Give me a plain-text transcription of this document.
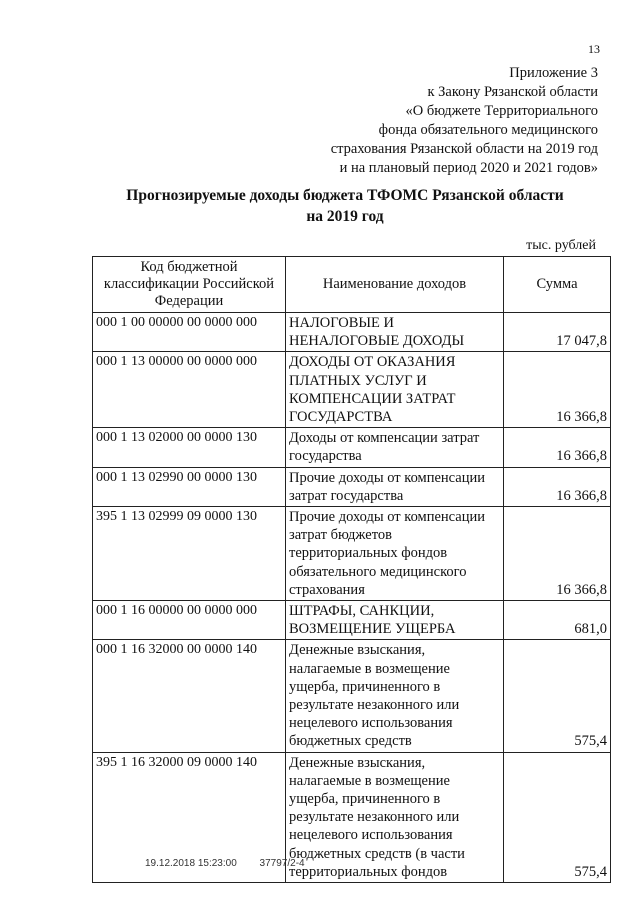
13
Приложение 3
к Закону Рязанской области
«О бюджете Территориального
фонда обязательного медицинского
страхования Рязанской области на 2019 год
и на плановый период 2020 и 2021 годов»
Прогнозируемые доходы бюджета ТФОМС Рязанской области
на 2019 год
тыс. рублей
Код бюджетной классификации Российской Федерации	Наименование доходов	Сумма
000 1 00 00000 00 0000 000	НАЛОГОВЫЕ И НЕНАЛОГОВЫЕ ДОХОДЫ	17 047,8
000 1 13 00000 00 0000 000	ДОХОДЫ ОТ ОКАЗАНИЯ ПЛАТНЫХ УСЛУГ И КОМПЕНСАЦИИ ЗАТРАТ ГОСУДАРСТВА	16 366,8
000 1 13 02000 00 0000 130	Доходы от компенсации затрат государства	16 366,8
000 1 13 02990 00 0000 130	Прочие доходы от компенсации затрат государства	16 366,8
395 1 13 02999 09 0000 130	Прочие доходы от компенсации затрат бюджетов территориальных фондов обязательного медицинского страхования	16 366,8
000 1 16 00000 00 0000 000	ШТРАФЫ, САНКЦИИ, ВОЗМЕЩЕНИЕ УЩЕРБА	681,0
000 1 16 32000 00 0000 140	Денежные взыскания, налагаемые в возмещение ущерба, причиненного в результате незаконного или нецелевого использования бюджетных средств	575,4
395 1 16 32000 09 0000 140	Денежные взыскания, налагаемые в возмещение ущерба, причиненного в результате незаконного или нецелевого использования бюджетных средств (в части территориальных фондов	575,4
19.12.2018 15:23:00 37797/2-4
